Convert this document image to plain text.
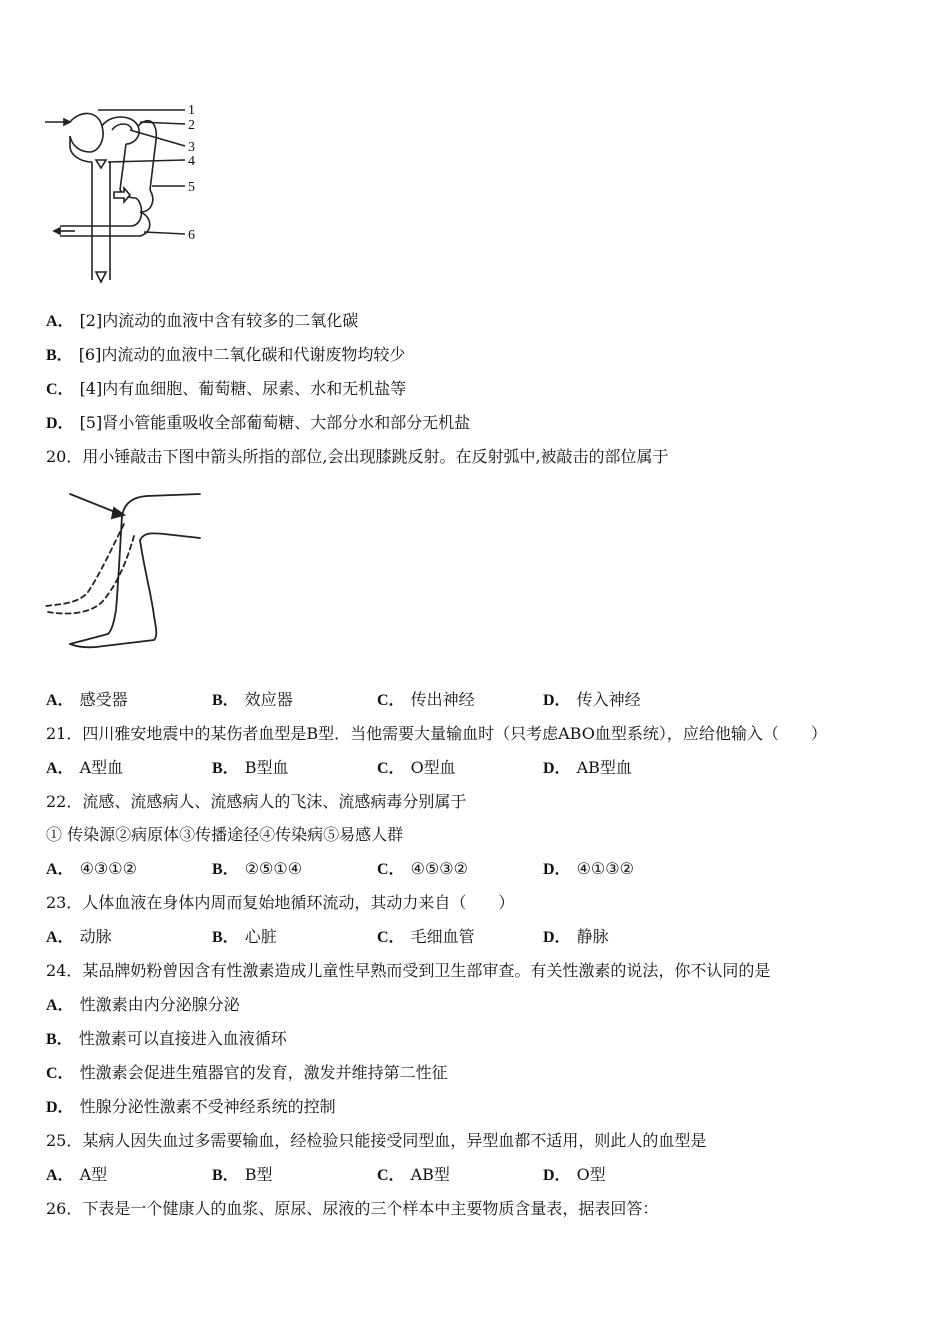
1
2
3
4
5
6
A． [2]内流动的血液中含有较多的二氧化碳
B． [6]内流动的血液中二氧化碳和代谢废物均较少
C． [4]内有血细胞、葡萄糖、尿素、水和无机盐等
D． [5]肾小管能重吸收全部葡萄糖、大部分水和部分无机盐
20．用小锤敲击下图中箭头所指的部位,会出现膝跳反射。在反射弧中,被敲击的部位属于
A． 感受器	B． 效应器	C． 传出神经	D． 传入神经
21．四川雅安地震中的某伤者血型是B型．当他需要大量输血时（只考虑ABO血型系统），应给他输入（　　）
A． A型血	B． B型血	C． O型血	D． AB型血
22．流感、流感病人、流感病人的飞沫、流感病毒分别属于
① 传染源②病原体③传播途径④传染病⑤易感人群
A． ④③①②	B． ②⑤①④	C． ④⑤③②	D． ④①③②
23．人体血液在身体内周而复始地循环流动，其动力来自（　　）
A． 动脉	B． 心脏	C． 毛细血管	D． 静脉
24．某品牌奶粉曾因含有性激素造成儿童性早熟而受到卫生部审查。有关性激素的说法，你不认同的是
A． 性激素由内分泌腺分泌
B． 性激素可以直接进入血液循环
C． 性激素会促进生殖器官的发育，激发并维持第二性征
D． 性腺分泌性激素不受神经系统的控制
25．某病人因失血过多需要输血，经检验只能接受同型血，异型血都不适用，则此人的血型是
A． A型	B． B型	C． AB型	D． O型
26．下表是一个健康人的血浆、原尿、尿液的三个样本中主要物质含量表，据表回答：
